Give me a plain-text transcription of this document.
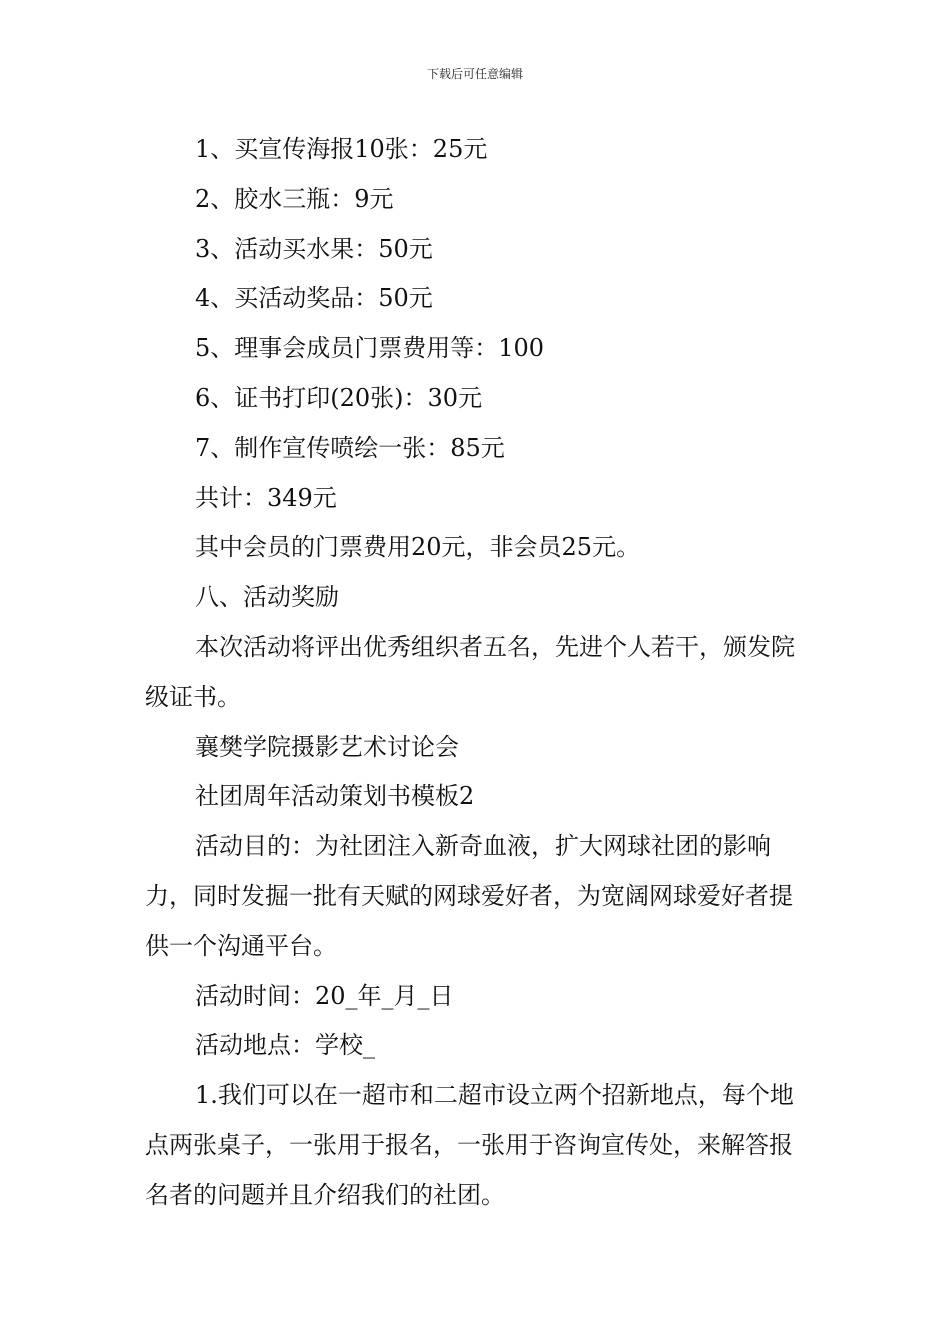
下载后可任意编辑

1、买宣传海报10张：25元

2、胶水三瓶：9元

3、活动买水果：50元

4、买活动奖品：50元

5、理事会成员门票费用等：100

6、证书打印(20张)：30元

7、制作宣传喷绘一张：85元

共计：349元

其中会员的门票费用20元，非会员25元。

八、活动奖励

本次活动将评出优秀组织者五名，先进个人若干，颁发院级证书。

襄樊学院摄影艺术讨论会

社团周年活动策划书模板2

活动目的：为社团注入新奇血液，扩大网球社团的影响力，同时发掘一批有天赋的网球爱好者，为宽阔网球爱好者提供一个沟通平台。

活动时间：20_年_月_日

活动地点：学校_

1.我们可以在一超市和二超市设立两个招新地点，每个地点两张桌子，一张用于报名，一张用于咨询宣传处，来解答报名者的问题并且介绍我们的社团。
